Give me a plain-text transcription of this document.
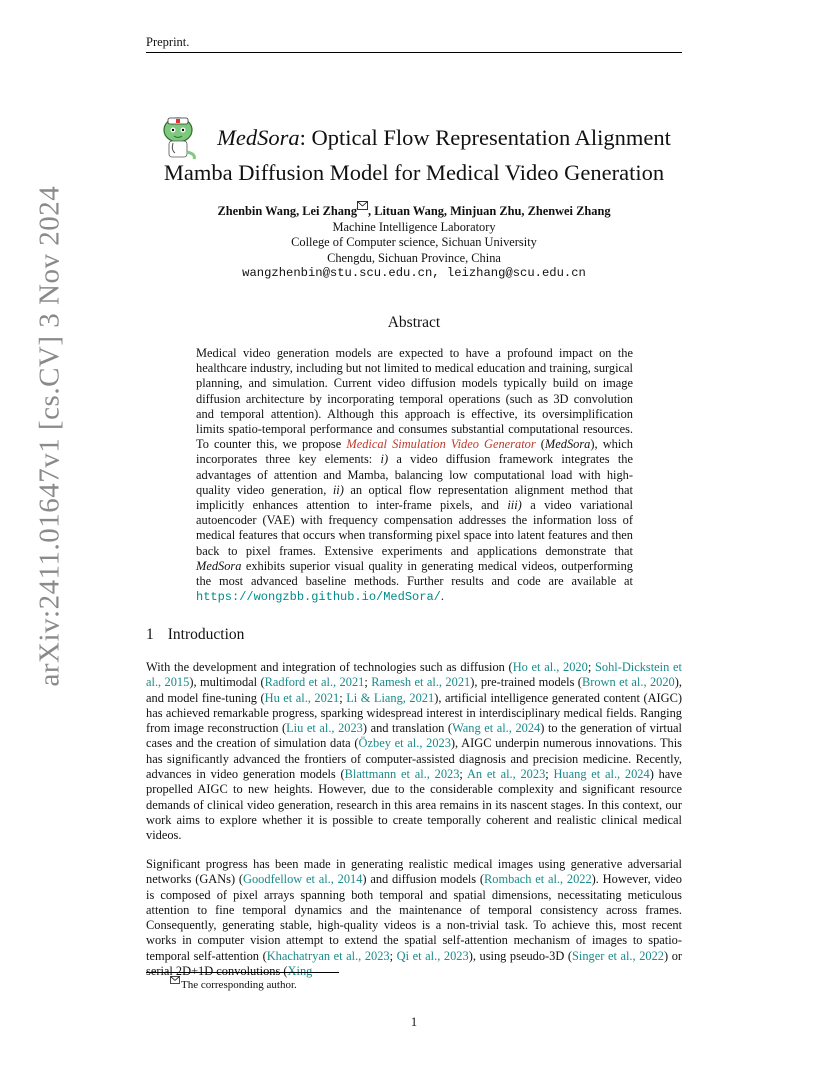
Preprint.
arXiv:2411.01647v1 [cs.CV] 3 Nov 2024
MedSora: Optical Flow Representation Alignment
Mamba Diffusion Model for Medical Video Generation
Zhenbin Wang, Lei Zhang , Lituan Wang, Minjuan Zhu, Zhenwei Zhang
Machine Intelligence Laboratory
College of Computer science, Sichuan University
Chengdu, Sichuan Province, China
wangzhenbin@stu.scu.edu.cn, leizhang@scu.edu.cn
Abstract

Medical video generation models are expected to have a profound impact on the healthcare industry, including but not limited to medical education and training, surgical planning, and simulation. Current video diffusion models typically build on image diffusion architecture by incorporating temporal operations (such as 3D convolution and temporal attention). Although this approach is effective, its oversimplification limits spatio-temporal performance and consumes substantial computational resources. To counter this, we propose Medical Simulation Video Generator (MedSora), which incorporates three key elements: i) a video diffusion framework integrates the advantages of attention and Mamba, balancing low computational load with high-quality video generation, ii) an optical flow representation alignment method that implicitly enhances attention to inter-frame pixels, and iii) a video variational autoencoder (VAE) with frequency compensation addresses the information loss of medical features that occurs when transforming pixel space into latent features and then back to pixel frames. Extensive experiments and applications demonstrate that MedSora exhibits superior visual quality in generating medical videos, outperforming the most advanced baseline methods. Further results and code are available at https://wongzbb.github.io/MedSora/.

1 Introduction

With the development and integration of technologies such as diffusion (Ho et al., 2020; Sohl-Dickstein et al., 2015), multimodal (Radford et al., 2021; Ramesh et al., 2021), pre-trained models (Brown et al., 2020), and model fine-tuning (Hu et al., 2021; Li & Liang, 2021), artificial intelligence generated content (AIGC) has achieved remarkable progress, sparking widespread interest in interdisciplinary medical fields. Ranging from image reconstruction (Liu et al., 2023) and translation (Wang et al., 2024) to the generation of virtual cases and the creation of simulation data (Özbey et al., 2023), AIGC underpin numerous innovations. This has significantly advanced the frontiers of computer-assisted diagnosis and precision medicine. Recently, advances in video generation models (Blattmann et al., 2023; An et al., 2023; Huang et al., 2024) have propelled AIGC to new heights. However, due to the considerable complexity and significant resource demands of clinical video generation, research in this area remains in its nascent stages. In this context, our work aims to explore whether it is possible to create temporally coherent and realistic clinical medical videos.

Significant progress has been made in generating realistic medical images using generative adversarial networks (GANs) (Goodfellow et al., 2014) and diffusion models (Rombach et al., 2022). However, video is composed of pixel arrays spanning both temporal and spatial dimensions, necessitating meticulous attention to fine temporal dynamics and the maintenance of temporal consistency across frames. Consequently, generating stable, high-quality videos is a non-trivial task. To achieve this, most recent works in computer vision attempt to extend the spatial self-attention mechanism of images to spatio-temporal self-attention (Khachatryan et al., 2023; Qi et al., 2023), using pseudo-3D (Singer et al., 2022) or serial 2D+1D convolutions (Xing

The corresponding author.
1
